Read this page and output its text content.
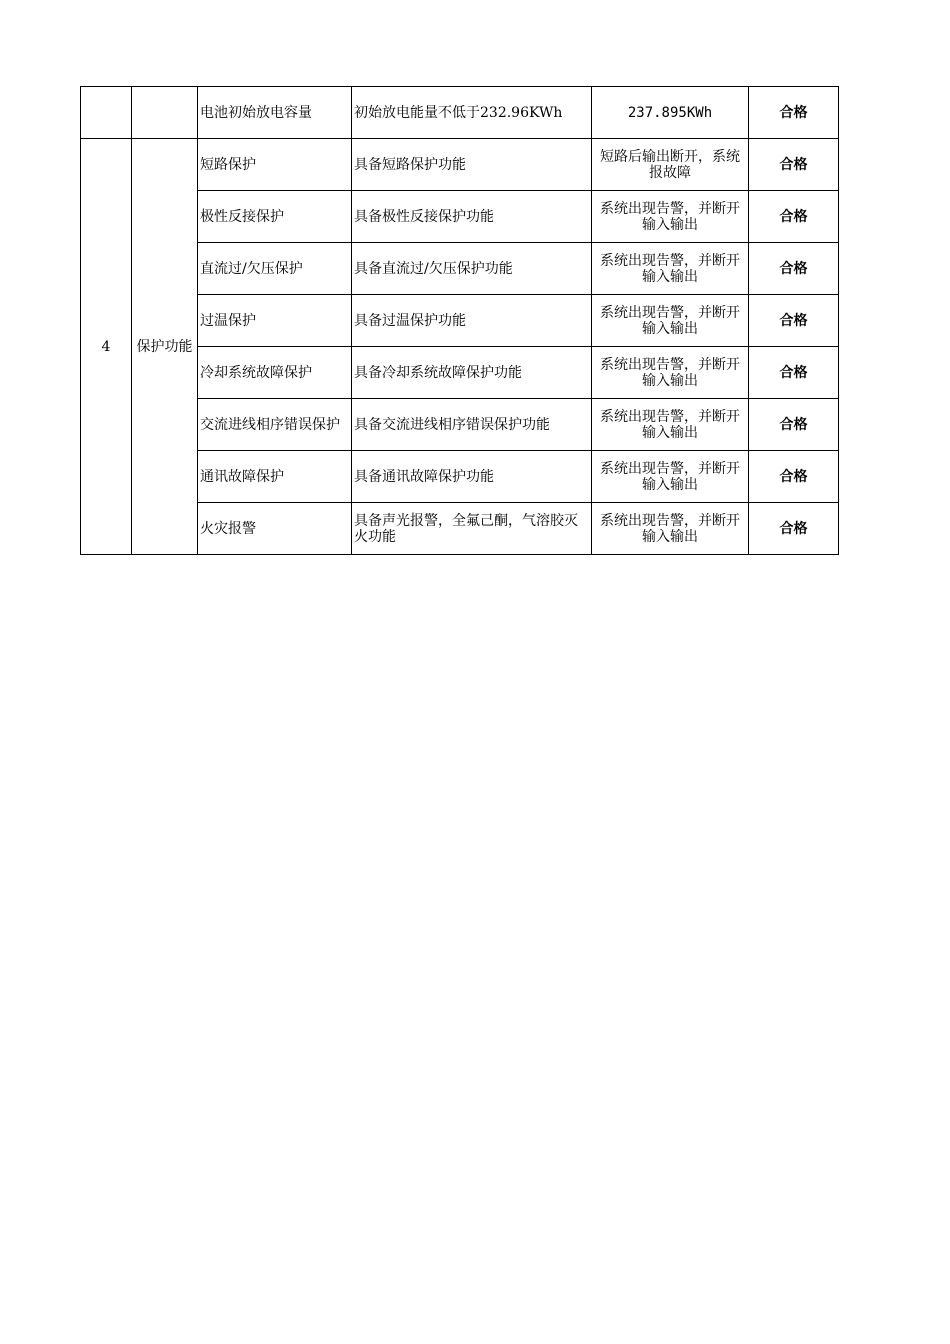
		电池初始放电容量	初始放电能量不低于232.96KWh	237.895KWh	合格
4	保护功能	短路保护	具备短路保护功能	短路后输出断开，系统报故障	合格
		极性反接保护	具备极性反接保护功能	系统出现告警，并断开输入输出	合格
		直流过/欠压保护	具备直流过/欠压保护功能	系统出现告警，并断开输入输出	合格
		过温保护	具备过温保护功能	系统出现告警，并断开输入输出	合格
		冷却系统故障保护	具备冷却系统故障保护功能	系统出现告警，并断开输入输出	合格
		交流进线相序错误保护	具备交流进线相序错误保护功能	系统出现告警，并断开输入输出	合格
		通讯故障保护	具备通讯故障保护功能	系统出现告警，并断开输入输出	合格
		火灾报警	具备声光报警，全氟己酮，气溶胶灭火功能	系统出现告警，并断开输入输出	合格
